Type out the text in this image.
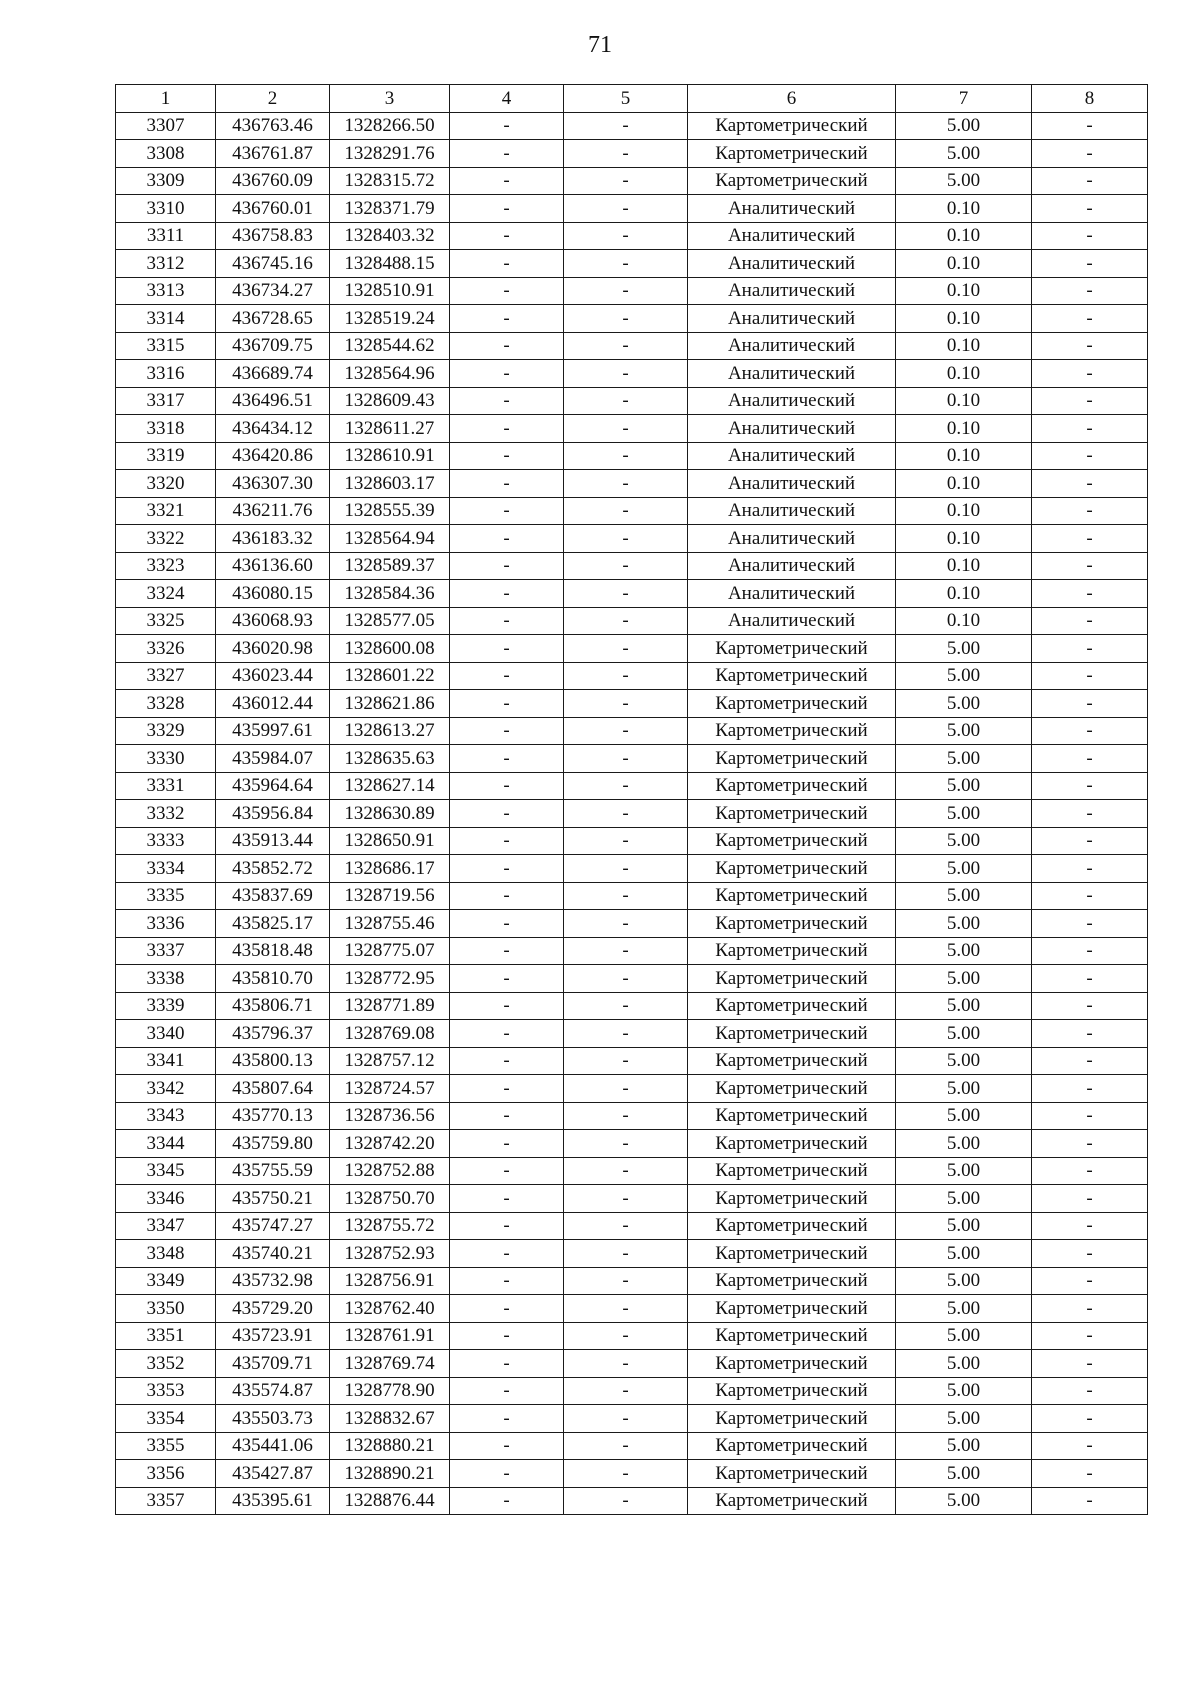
71
1	2	3	4	5	6	7	8
3307	436763.46	1328266.50	-	-	Картометрический	5.00	-
3308	436761.87	1328291.76	-	-	Картометрический	5.00	-
3309	436760.09	1328315.72	-	-	Картометрический	5.00	-
3310	436760.01	1328371.79	-	-	Аналитический	0.10	-
3311	436758.83	1328403.32	-	-	Аналитический	0.10	-
3312	436745.16	1328488.15	-	-	Аналитический	0.10	-
3313	436734.27	1328510.91	-	-	Аналитический	0.10	-
3314	436728.65	1328519.24	-	-	Аналитический	0.10	-
3315	436709.75	1328544.62	-	-	Аналитический	0.10	-
3316	436689.74	1328564.96	-	-	Аналитический	0.10	-
3317	436496.51	1328609.43	-	-	Аналитический	0.10	-
3318	436434.12	1328611.27	-	-	Аналитический	0.10	-
3319	436420.86	1328610.91	-	-	Аналитический	0.10	-
3320	436307.30	1328603.17	-	-	Аналитический	0.10	-
3321	436211.76	1328555.39	-	-	Аналитический	0.10	-
3322	436183.32	1328564.94	-	-	Аналитический	0.10	-
3323	436136.60	1328589.37	-	-	Аналитический	0.10	-
3324	436080.15	1328584.36	-	-	Аналитический	0.10	-
3325	436068.93	1328577.05	-	-	Аналитический	0.10	-
3326	436020.98	1328600.08	-	-	Картометрический	5.00	-
3327	436023.44	1328601.22	-	-	Картометрический	5.00	-
3328	436012.44	1328621.86	-	-	Картометрический	5.00	-
3329	435997.61	1328613.27	-	-	Картометрический	5.00	-
3330	435984.07	1328635.63	-	-	Картометрический	5.00	-
3331	435964.64	1328627.14	-	-	Картометрический	5.00	-
3332	435956.84	1328630.89	-	-	Картометрический	5.00	-
3333	435913.44	1328650.91	-	-	Картометрический	5.00	-
3334	435852.72	1328686.17	-	-	Картометрический	5.00	-
3335	435837.69	1328719.56	-	-	Картометрический	5.00	-
3336	435825.17	1328755.46	-	-	Картометрический	5.00	-
3337	435818.48	1328775.07	-	-	Картометрический	5.00	-
3338	435810.70	1328772.95	-	-	Картометрический	5.00	-
3339	435806.71	1328771.89	-	-	Картометрический	5.00	-
3340	435796.37	1328769.08	-	-	Картометрический	5.00	-
3341	435800.13	1328757.12	-	-	Картометрический	5.00	-
3342	435807.64	1328724.57	-	-	Картометрический	5.00	-
3343	435770.13	1328736.56	-	-	Картометрический	5.00	-
3344	435759.80	1328742.20	-	-	Картометрический	5.00	-
3345	435755.59	1328752.88	-	-	Картометрический	5.00	-
3346	435750.21	1328750.70	-	-	Картометрический	5.00	-
3347	435747.27	1328755.72	-	-	Картометрический	5.00	-
3348	435740.21	1328752.93	-	-	Картометрический	5.00	-
3349	435732.98	1328756.91	-	-	Картометрический	5.00	-
3350	435729.20	1328762.40	-	-	Картометрический	5.00	-
3351	435723.91	1328761.91	-	-	Картометрический	5.00	-
3352	435709.71	1328769.74	-	-	Картометрический	5.00	-
3353	435574.87	1328778.90	-	-	Картометрический	5.00	-
3354	435503.73	1328832.67	-	-	Картометрический	5.00	-
3355	435441.06	1328880.21	-	-	Картометрический	5.00	-
3356	435427.87	1328890.21	-	-	Картометрический	5.00	-
3357	435395.61	1328876.44	-	-	Картометрический	5.00	-
